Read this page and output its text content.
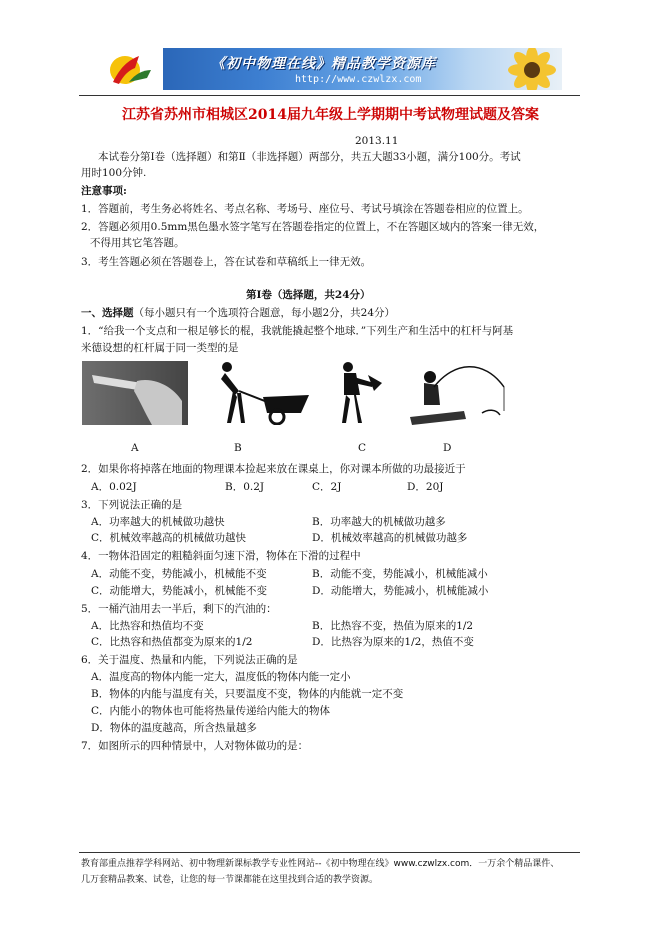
《初中物理在线》精品教学资源库
http://www.czwlzx.com
江苏省苏州市相城区2014届九年级上学期期中考试物理试题及答案
2013.11
本试卷分第Ⅰ卷（选择题）和第Ⅱ（非选择题）两部分，共五大题33小题，满分100分。考试
用时100分钟.
注意事项:
1．答题前，考生务必将姓名、考点名称、考场号、座位号、考试号填涂在答题卷相应的位置上。
2．答题必须用0.5mm黑色墨水签字笔写在答题卷指定的位置上，不在答题区域内的答案一律无效，
不得用其它笔答题。
3．考生答题必须在答题卷上，答在试卷和草稿纸上一律无效。
第Ⅰ卷（选择题，共24分）
一、选择题（每小题只有一个选项符合题意，每小题2分，共24分）
1．“给我一个支点和一根足够长的棍，我就能撬起整个地球．”下列生产和生活中的杠杆与阿基
米德设想的杠杆属于同一类型的是
A	B	C	D
2．如果你将掉落在地面的物理课本捡起来放在课桌上，你对课本所做的功最接近于
A．0.02J	B．0.2J	C．2J	D．20J
3．下列说法正确的是
A．功率越大的机械做功越快	B．功率越大的机械做功越多
C．机械效率越高的机械做功越快	D．机械效率越高的机械做功越多
4．一物体沿固定的粗糙斜面匀速下滑，物体在下滑的过程中
A．动能不变，势能减小，机械能不变	B．动能不变，势能减小，机械能减小
C．动能增大，势能减小，机械能不变	D．动能增大，势能减小，机械能减小
5．一桶汽油用去一半后，剩下的汽油的：
A．比热容和热值均不变	B．比热容不变，热值为原来的1/2
C．比热容和热值都变为原来的1/2	D．比热容为原来的1/2，热值不变
6．关于温度、热量和内能，下列说法正确的是
A．温度高的物体内能一定大，温度低的物体内能一定小
B．物体的内能与温度有关，只要温度不变，物体的内能就一定不变
C．内能小的物体也可能将热量传递给内能大的物体
D．物体的温度越高，所含热量越多
7．如图所示的四种情景中，人对物体做功的是：
教育部重点推荐学科网站、初中物理新课标教学专业性网站--《初中物理在线》www.czwlzx.com．一万余个精品课件、
几万套精品教案、试卷，让您的每一节课都能在这里找到合适的教学资源。
